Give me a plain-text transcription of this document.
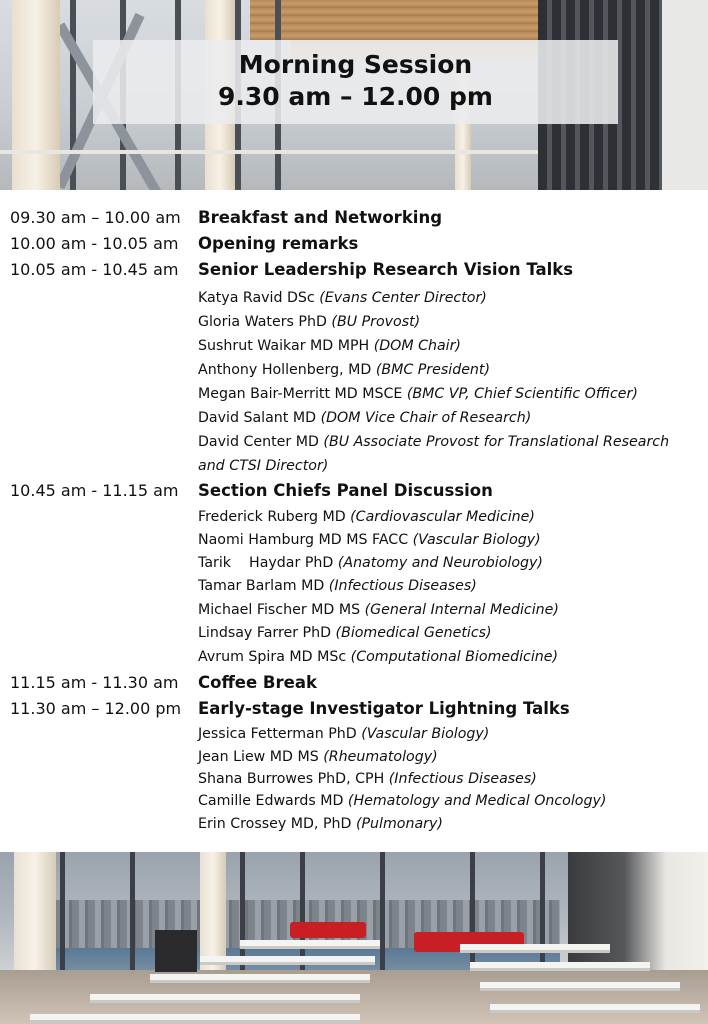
Morning Session
9.30 am – 12.00 pm
09.30 am – 10.00 am Breakfast and Networking
10.00 am - 10.05 am Opening remarks
10.05 am - 10.45 am Senior Leadership Research Vision Talks
Katya Ravid DSc (Evans Center Director)
Gloria Waters PhD (BU Provost)
Sushrut Waikar MD MPH (DOM Chair)
Anthony Hollenberg, MD (BMC President)
Megan Bair-Merritt MD MSCE (BMC VP, Chief Scientific Officer)
David Salant MD (DOM Vice Chair of Research)
David Center MD (BU Associate Provost for Translational Research and CTSI Director)
10.45 am - 11.15 am Section Chiefs Panel Discussion
Frederick Ruberg MD (Cardiovascular Medicine)
Naomi Hamburg MD MS FACC (Vascular Biology)
Tarik    Haydar PhD (Anatomy and Neurobiology)
Tamar Barlam MD (Infectious Diseases)
Michael Fischer MD MS (General Internal Medicine)
Lindsay Farrer PhD (Biomedical Genetics)
Avrum Spira MD MSc (Computational Biomedicine)
11.15 am - 11.30 am Coffee Break
11.30 am – 12.00 pm Early-stage Investigator Lightning Talks
Jessica Fetterman PhD (Vascular Biology)
Jean Liew MD MS (Rheumatology)
Shana Burrowes PhD, CPH (Infectious Diseases)
Camille Edwards MD (Hematology and Medical Oncology)
Erin Crossey MD, PhD (Pulmonary)
